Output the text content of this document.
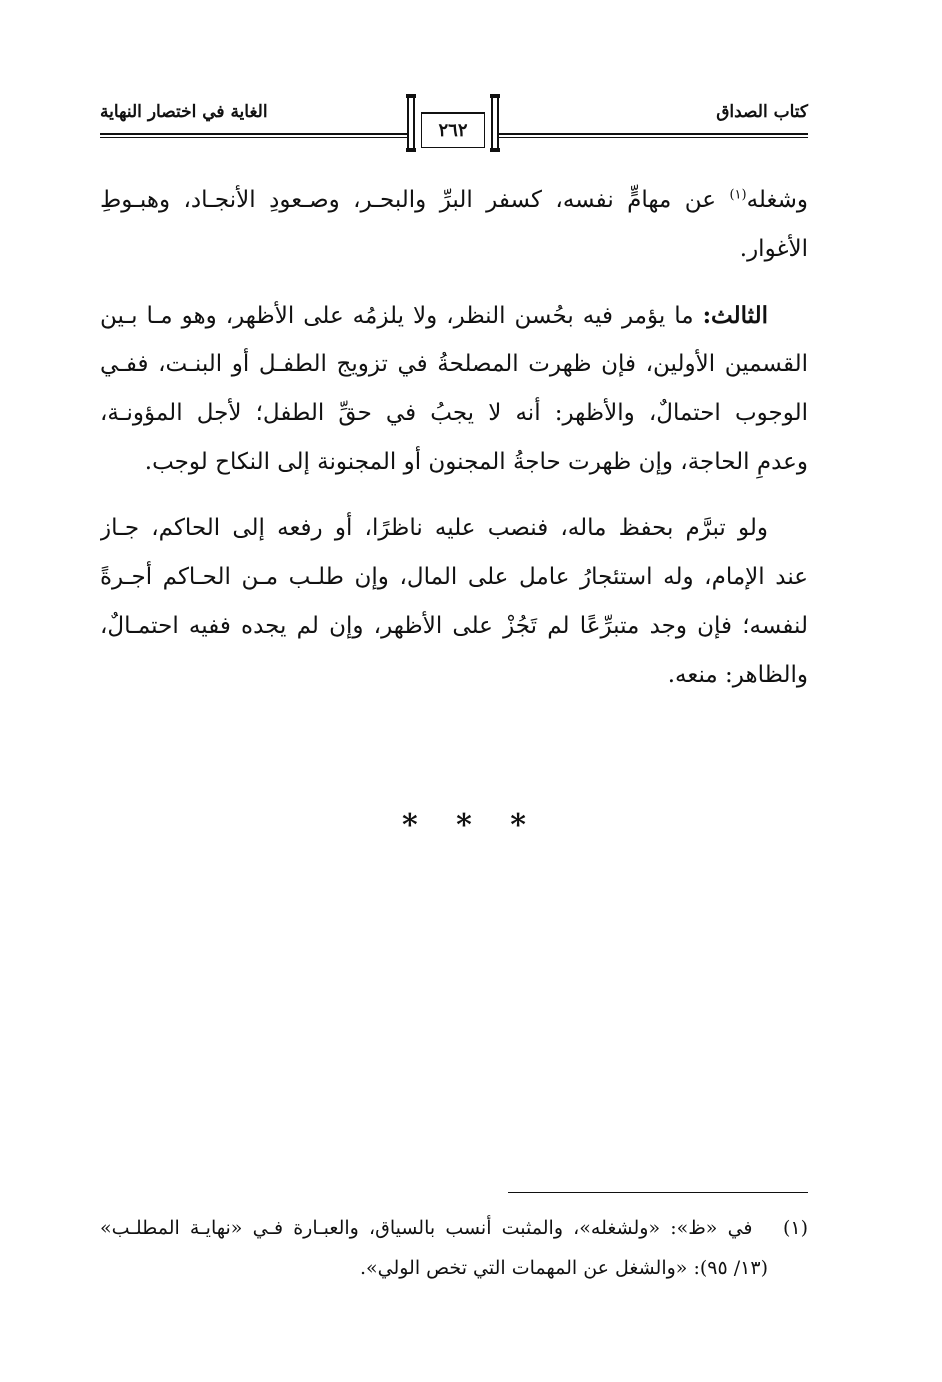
كتاب الصداق
الغاية في اختصار النهاية
٢٦٢
وشغله$^{(١)}$ عن مهامٍّ نفسه، كسفر البرِّ والبحـر، وصـعودِ الأنجـاد، وهبـوطِ
الأغوار.
الثالث: ما يؤمر فيه بحُسن النظر، ولا يلزمُه على الأظهر، وهو مـا بـين
القسمين الأولين، فإن ظهرت المصلحةُ في تزويج الطفـل أو البنـت، ففـي
الوجوب احتمالٌ، والأظهر: أنه لا يجبُ في حقِّ الطفل؛ لأجل المؤونـة،
وعدمِ الحاجة، وإن ظهرت حاجةُ المجنون أو المجنونة إلى النكاح لوجب.
ولو تبرَّم بحفظ ماله، فنصب عليه ناظرًا، أو رفعه إلى الحاكم، جـاز
عند الإمام، وله استئجارُ عامل على المال، وإن طلـب مـن الحـاكم أجـرةً
لنفسه؛ فإن وجد متبرِّعًا لم تَجُزْ على الأظهر، وإن لم يجده ففيه احتمـالٌ،
والظاهر: منعه.
* * *
(١)   في «ظ»: «ولشغله»، والمثبت أنسب بالسياق، والعبـارة فـي «نهايـة المطلـب»
(١٣/ ٩٥): «والشغل عن المهمات التي تخص الولي».
